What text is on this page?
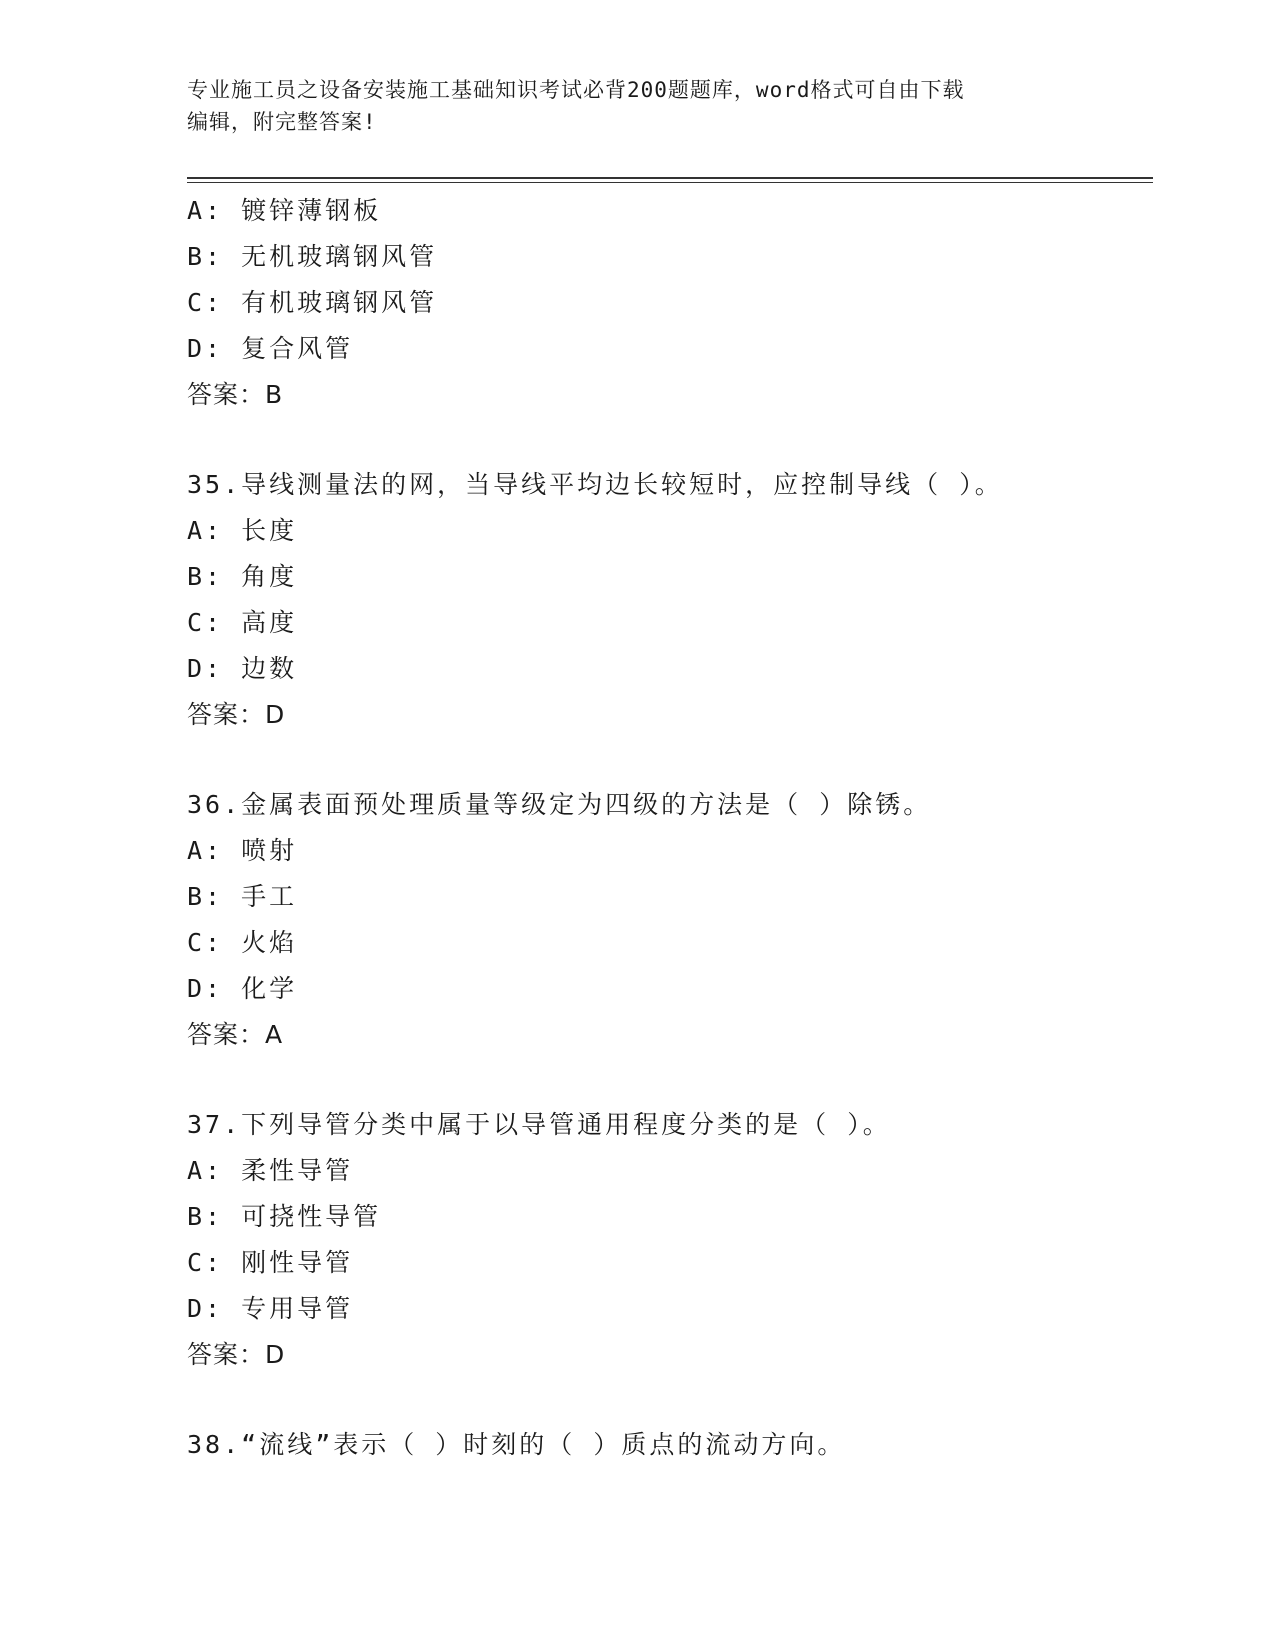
专业施工员之设备安装施工基础知识考试必背200题题库，word格式可自由下载
编辑，附完整答案!
A: 镀锌薄钢板
B: 无机玻璃钢风管
C: 有机玻璃钢风管
D: 复合风管
答案：B
35.导线测量法的网，当导线平均边长较短时，应控制导线（ ）。
A: 长度
B: 角度
C: 高度
D: 边数
答案：D
36.金属表面预处理质量等级定为四级的方法是（ ）除锈。
A: 喷射
B: 手工
C: 火焰
D: 化学
答案：A
37.下列导管分类中属于以导管通用程度分类的是（ ）。
A: 柔性导管
B: 可挠性导管
C: 刚性导管
D: 专用导管
答案：D
38.“流线”表示（ ）时刻的（ ）质点的流动方向。
